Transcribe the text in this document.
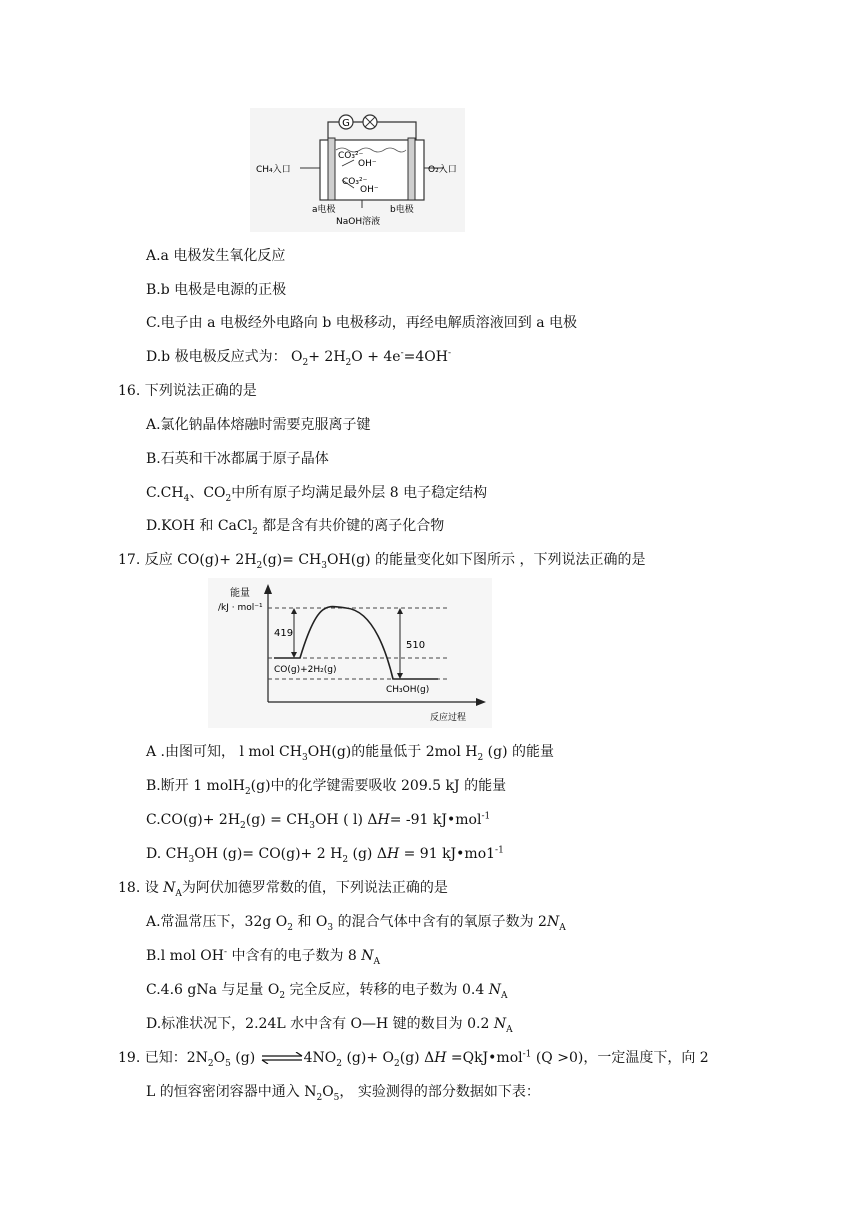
G
CH₄入口	O₂入口
CO₃²⁻
OH⁻
CO₃²⁻
OH⁻
a电极	b电极
NaOH溶液
A.a 电极发生氧化反应
B.b 电极是电源的正极
C.电子由 a 电极经外电路向 b 电极移动，再经电解质溶液回到 a 电极
D.b 极电极反应式为： $O_2+ 2H_2O + 4e^-=4OH^-$
16. 下列说法正确的是
A.氯化钠晶体熔融时需要克服离子键
B.石英和干冰都属于原子晶体
$C.CH_4$、$CO_2$中所有原子均满足最外层 8 电子稳定结构
D.KOH 和 CaCl$_2$ 都是含有共价键的离子化合物
17. 反应 $CO(g)+ 2H_2(g)= CH_3OH(g)$ 的能量变化如下图所示 ，下列说法正确的是
能量
/kJ · mol⁻¹
419
510
CO(g)+2H₂(g)
CH₃OH(g)
反应过程
A .由图可知， l mol $CH_3OH(g)$的能量低于 2mol $H_2$ (g) 的能量
B.断开 1 molH$_2$(g)中的化学键需要吸收 209.5 kJ 的能量
$C.CO(g)+ 2H_2(g) = CH_3OH$ ( l) ΔH= -91 kJ•mol$^{-1}$
D. $CH_3OH$ (g)= CO(g)+ 2 $H_2$ (g) ΔH = 91 $kJ•mo1^{-1}$
18. 设 $N_A$为阿伏加德罗常数的值，下列说法正确的是
A.常温常压下，32g $O_2$ 和 $O_3$ 的混合气体中含有的氧原子数为 $2N_A$
B.l mol OH- 中含有的电子数为 8 $N_A$
C.4.6 gNa 与足量 $O_2$ 完全反应，转移的电子数为 0.4 $N_A$
D.标准状况下，2.24L 水中含有 O—H 键的数目为 0.2 $N_A$
19. 已知：$2N_2O_5$ (g) $\rightleftharpoons 4NO_2$ $(g)+ O_2(g)$ ΔH =QkJ•mol$^{-1}$ (Q >0)，一定温度下，向 2
L 的恒容密闭容器中通入 $N_2O_5$， 实验测得的部分数据如下表：
